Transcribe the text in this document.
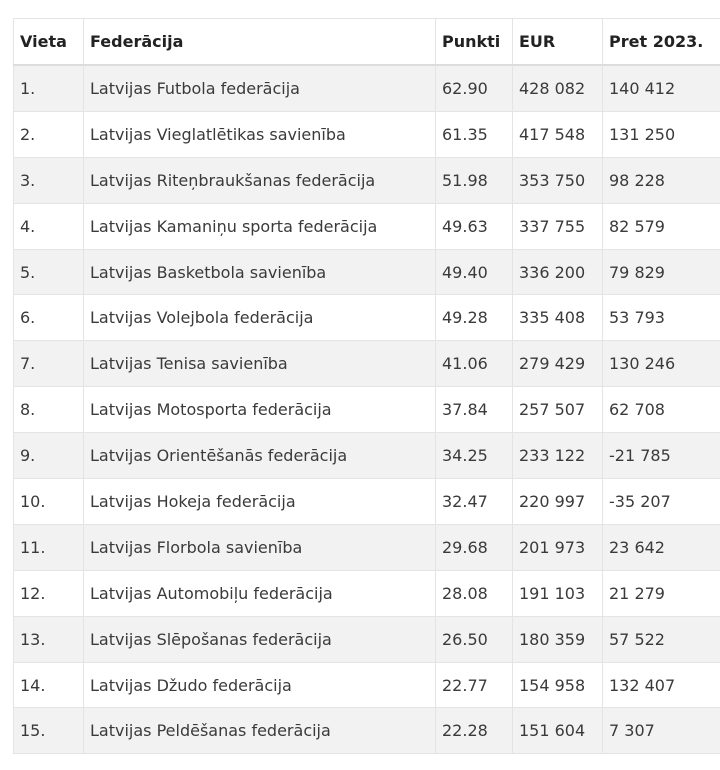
Vieta	Federācija	Punkti	EUR	Pret 2023.
1.	Latvijas Futbola federācija	62.90	428 082	140 412
2.	Latvijas Vieglatlētikas savienība	61.35	417 548	131 250
3.	Latvijas Riteņbraukšanas federācija	51.98	353 750	98 228
4.	Latvijas Kamaniņu sporta federācija	49.63	337 755	82 579
5.	Latvijas Basketbola savienība	49.40	336 200	79 829
6.	Latvijas Volejbola federācija	49.28	335 408	53 793
7.	Latvijas Tenisa savienība	41.06	279 429	130 246
8.	Latvijas Motosporta federācija	37.84	257 507	62 708
9.	Latvijas Orientēšanās federācija	34.25	233 122	-21 785
10.	Latvijas Hokeja federācija	32.47	220 997	-35 207
11.	Latvijas Florbola savienība	29.68	201 973	23 642
12.	Latvijas Automobiļu federācija	28.08	191 103	21 279
13.	Latvijas Slēpošanas federācija	26.50	180 359	57 522
14.	Latvijas Džudo federācija	22.77	154 958	132 407
15.	Latvijas Peldēšanas federācija	22.28	151 604	7 307
